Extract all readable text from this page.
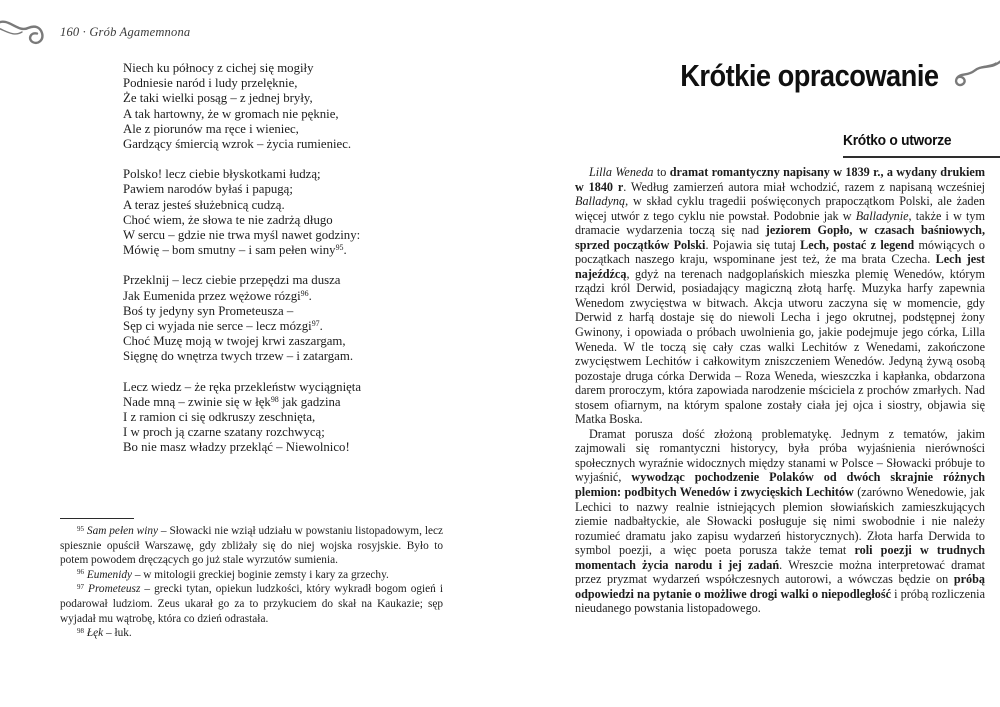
160 · Grób Agamemnona
Niech ku północy z cichej się mogiły
Podniesie naród i ludy przelęknie,
Że taki wielki posąg – z jednej bryły,
A tak hartowny, że w gromach nie pęknie,
Ale z piorunów ma ręce i wieniec,
Gardzący śmiercią wzrok – życia rumieniec.
Polsko! lecz ciebie błyskotkami łudzą;
Pawiem narodów byłaś i papugą;
A teraz jesteś służebnicą cudzą.
Choć wiem, że słowa te nie zadrżą długo
W sercu – gdzie nie trwa myśl nawet godziny:
Mówię – bom smutny – i sam pełen winy$^{95}$.
Przeklnij – lecz ciebie przepędzi ma dusza
Jak Eumenida przez wężowe rózgi$^{96}$.
Boś ty jedyny syn Prometeusza –
Sęp ci wyjada nie serce – lecz mózgi$^{97}$.
Choć Muzę moją w twojej krwi zaszargam,
Sięgnę do wnętrza twych trzew – i zatargam.
Lecz wiedz – że ręka przekleństw wyciągnięta
Nade mną – zwinie się w łęk$^{98}$ jak gadzina
I z ramion ci się odkruszy zeschnięta,
I w proch ją czarne szatany rozchwycą;
Bo nie masz władzy przekląć – Niewolnico!
$^{95}$ Sam pełen winy – Słowacki nie wziął udziału w powstaniu listopadowym, lecz spiesznie opuścił Warszawę, gdy zbliżały się do niej wojska rosyjskie. Było to potem powodem dręczących go już stale wyrzutów sumienia.
$^{96}$ Eumenidy – w mitologii greckiej boginie zemsty i kary za grzechy.
$^{97}$ Prometeusz – grecki tytan, opiekun ludzkości, który wykradł bogom ogień i podarował ludziom. Zeus ukarał go za to przykuciem do skał na Kaukazie; sęp wyjadał mu wątrobę, która co dzień odrastała.
$^{98}$ Łęk – łuk.
Krótkie opracowanie
Krótko o utworze

Lilla Weneda to dramat romantyczny napisany w 1839 r., a wydany drukiem w 1840 r. Według zamierzeń autora miał wchodzić, razem z napisaną wcześniej Balladyną, w skład cyklu tragedii poświęconych prapoczątkom Polski, ale żaden więcej utwór z tego cyklu nie powstał. Podobnie jak w Balladynie, także i w tym dramacie wydarzenia toczą się nad jeziorem Gopło, w czasach baśniowych, sprzed początków Polski. Pojawia się tutaj Lech, postać z legend mówiących o początkach naszego kraju, wspominane jest też, że ma brata Czecha. Lech jest najeźdźcą, gdyż na terenach nadgoplańskich mieszka plemię Wenedów, którym rządzi król Derwid, posiadający magiczną złotą harfę. Muzyka harfy zapewnia Wenedom zwycięstwa w bitwach. Akcja utworu zaczyna się w momencie, gdy Derwid z harfą dostaje się do niewoli Lecha i jego okrutnej, podstępnej żony Gwinony, i opowiada o próbach uwolnienia go, jakie podejmuje jego córka, Lilla Weneda. W tle toczą się cały czas walki Lechitów z Wenedami, zakończone zwycięstwem Lechitów i całkowitym zniszczeniem Wenedów. Jedyną żywą osobą pozostaje druga córka Derwida – Roza Weneda, wieszczka i kapłanka, obdarzona darem proroczym, która zapowiada narodzenie mściciela z prochów zmarłych. Nad stosem ofiarnym, na którym spalone zostały ciała jej ojca i siostry, objawia się Matka Boska.

Dramat porusza dość złożoną problematykę. Jednym z tematów, jakim zajmowali się romantyczni historycy, była próba wyjaśnienia nierówności społecznych wyraźnie widocznych między stanami w Polsce – Słowacki próbuje to wyjaśnić, wywodząc pochodzenie Polaków od dwóch skrajnie różnych plemion: podbitych Wenedów i zwycięskich Lechitów (zarówno Wenedowie, jak Lechici to nazwy realnie istniejących plemion słowiańskich zamieszkujących ziemie nadbałtyckie, ale Słowacki posługuje się nimi swobodnie i nie należy rozumieć dramatu jako zapisu wydarzeń historycznych). Złota harfa Derwida to symbol poezji, a więc poeta porusza także temat roli poezji w trudnych momentach życia narodu i jej zadań. Wreszcie można interpretować dramat przez pryzmat wydarzeń współczesnych autorowi, a wówczas będzie on próbą odpowiedzi na pytanie o możliwe drogi walki o niepodległość i próbą rozliczenia nieudanego powstania listopadowego.
